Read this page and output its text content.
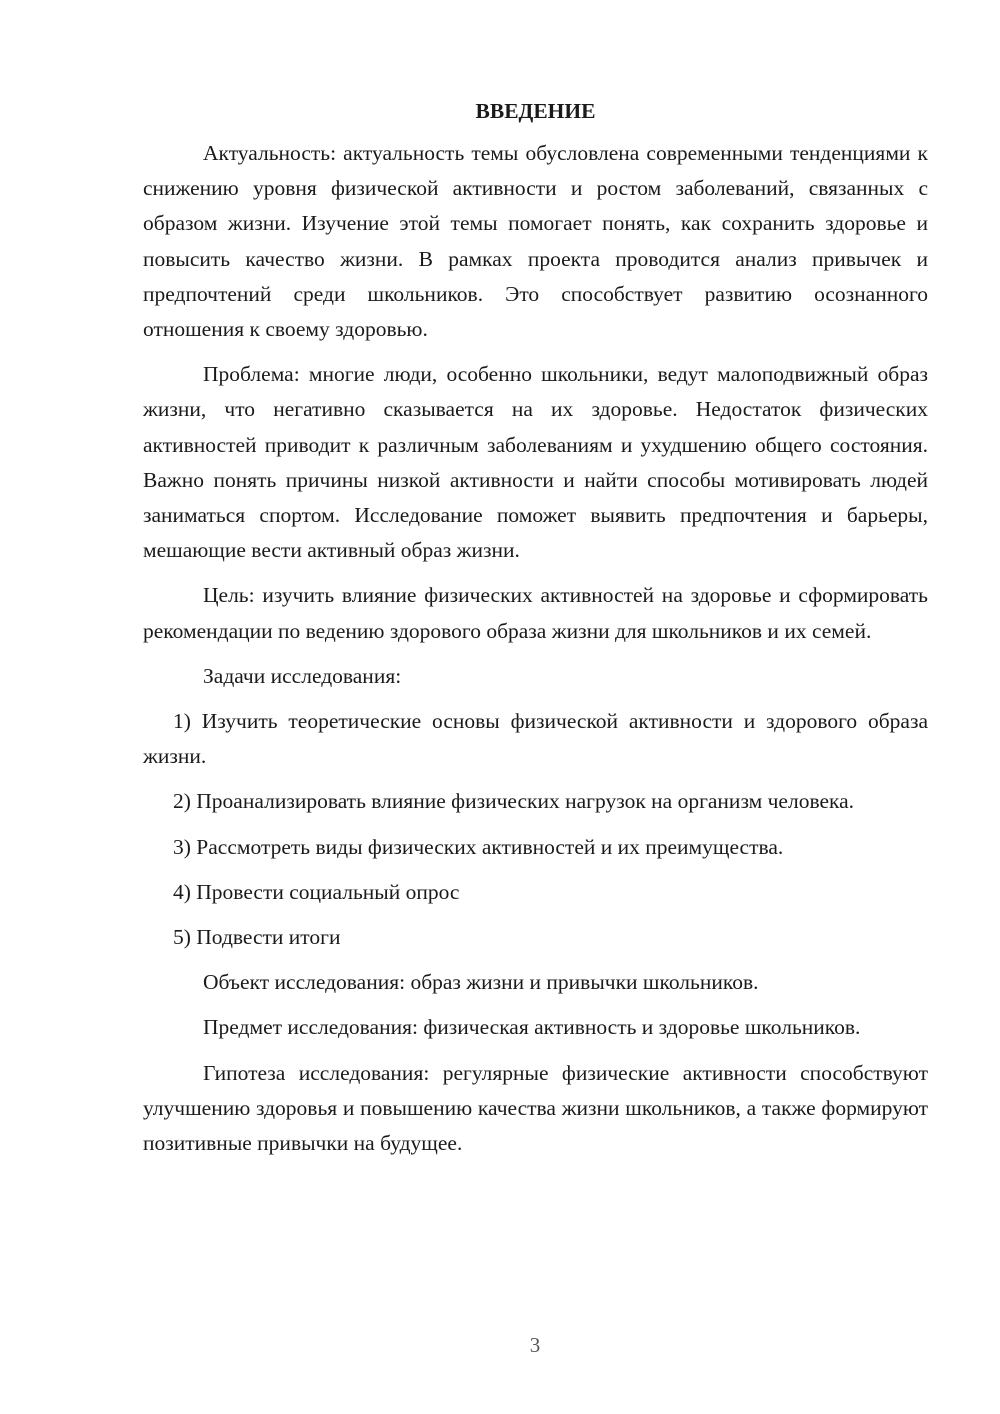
ВВЕДЕНИЕ

Актуальность: актуальность темы обусловлена современными тенденциями к снижению уровня физической активности и ростом заболеваний, связанных с образом жизни. Изучение этой темы помогает понять, как сохранить здоровье и повысить качество жизни. В рамках проекта проводится анализ привычек и предпочтений среди школьников. Это способствует развитию осознанного отношения к своему здоровью.

Проблема: многие люди, особенно школьники, ведут малоподвижный образ жизни, что негативно сказывается на их здоровье. Недостаток физических активностей приводит к различным заболеваниям и ухудшению общего состояния. Важно понять причины низкой активности и найти способы мотивировать людей заниматься спортом. Исследование поможет выявить предпочтения и барьеры, мешающие вести активный образ жизни.

Цель: изучить влияние физических активностей на здоровье и сформировать рекомендации по ведению здорового образа жизни для школьников и их семей.

Задачи исследования:

1) Изучить теоретические основы физической активности и здорового образа жизни.

2) Проанализировать влияние физических нагрузок на организм человека.

3) Рассмотреть виды физических активностей и их преимущества.

4) Провести социальный опрос

5) Подвести итоги

Объект исследования: образ жизни и привычки школьников.

Предмет исследования: физическая активность и здоровье школьников.

Гипотеза исследования: регулярные физические активности способствуют улучшению здоровья и повышению качества жизни школьников, а также формируют позитивные привычки на будущее.

3
